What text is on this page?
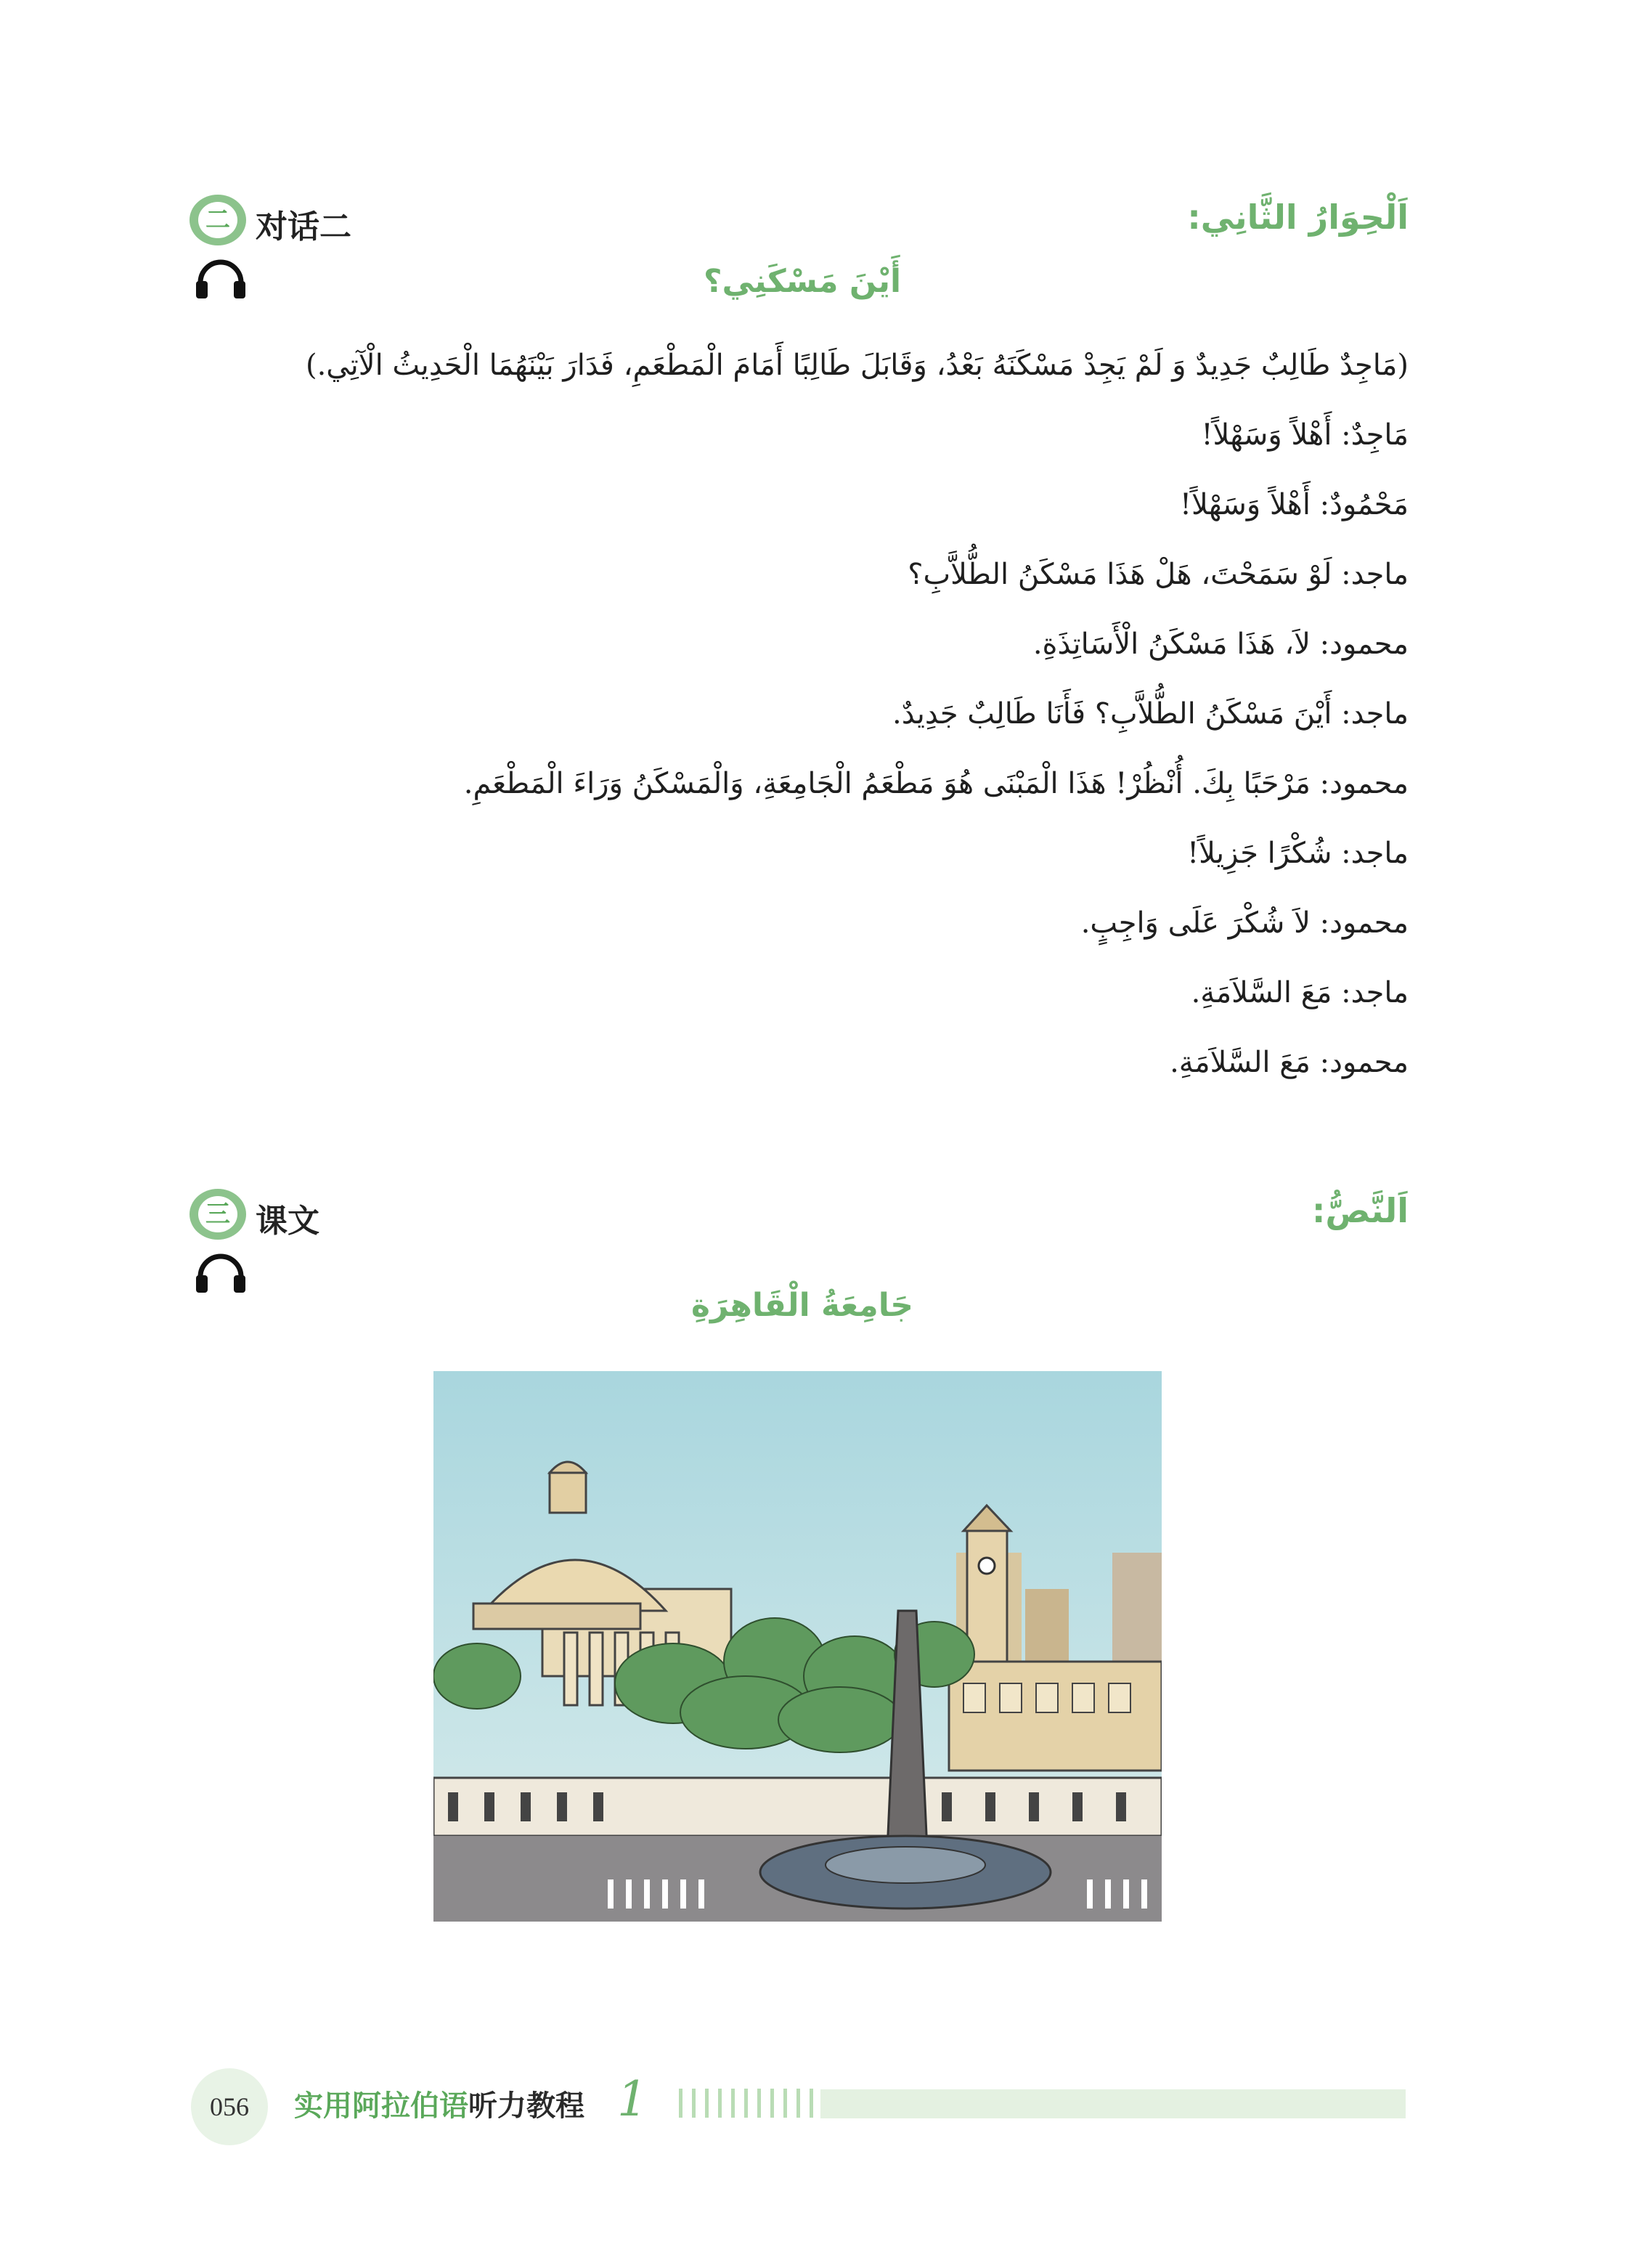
二 对话二	اَلْحِوَارُ الثَّانِي:
أَيْنَ مَسْكَنِي؟
(مَاجِدٌ طَالِبٌ جَدِيدٌ وَ لَمْ يَجِدْ مَسْكَنَهُ بَعْدُ، وَقَابَلَ طَالِبًا أَمَامَ الْمَطْعَمِ، فَدَارَ بَيْنَهُمَا الْحَدِيثُ الْآتِي.)
مَاجِدٌ: أَهْلاً وَسَهْلاً!
مَحْمُودٌ: أَهْلاً وَسَهْلاً!
ماجد: لَوْ سَمَحْتَ، هَلْ هَذَا مَسْكَنُ الطُّلاَّبِ؟
محمود: لاَ، هَذَا مَسْكَنُ الْأَسَاتِذَةِ.
ماجد: أَيْنَ مَسْكَنُ الطُّلاَّبِ؟ فَأَنَا طَالِبٌ جَدِيدٌ.
محمود: مَرْحَبًا بِكَ. أُنْظُرْ! هَذَا الْمَبْنَى هُوَ مَطْعَمُ الْجَامِعَةِ، وَالْمَسْكَنُ وَرَاءَ الْمَطْعَمِ.
ماجد: شُكْرًا جَزِيلاً!
محمود: لاَ شُكْرَ عَلَى وَاجِبٍ.
ماجد: مَعَ السَّلاَمَةِ.
محمود: مَعَ السَّلاَمَةِ.
三 课文	اَلنَّصُّ:
جَامِعَةُ الْقَاهِرَةِ
056	实用阿拉伯语听力教程 1
